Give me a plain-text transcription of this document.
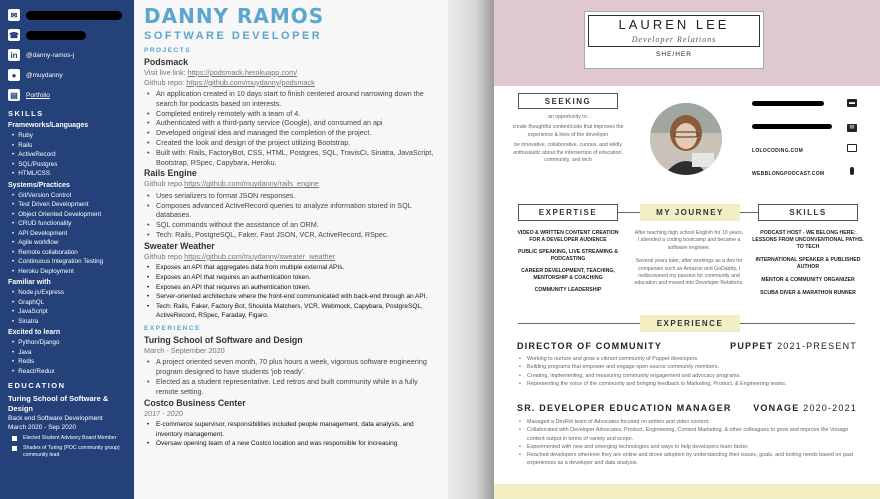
✉
☎
in	@danny-ramos-j
●	@muydanny
▤	Portfolio
SKILLS
Frameworks/Languages
• Ruby
• Rails
• ActiveRecord
• SQL/Postgres
• HTML/CSS
Systems/Practices
• Git/Version Control
• Test Driven Development
• Object Oriented Development
• CRUD functionality
• API Development
• Agile workflow
• Remote collaboration
• Continuous Integration Testing
• Heroku Deployment
Familiar with
• Node.js/Express
• GraphQL
• JavaScript
• Sinatra
Excited to learn
• Python/Django
• Java
• Redis
• React/Redux
EDUCATION
Turing School of Software & Design
Back end Software Development
March 2020 - Sep 2020
Elected Student Advisory Board Member
Shades of Turing (POC community group) community lead
DANNY RAMOS
SOFTWARE DEVELOPER
PROJECTS
Podsmack
Visit live link: https://podsmack.herokuapp.com/
Github repo: https://github.com/muydanny/podsmack
• An application created in 10 days start to finish centered around narrowing down the search for podcasts based on interests.
• Completed entirely remotely with a team of 4.
• Authenticated with a third-party service (Google), and consumed an api
• Developed original idea and managed the completion of the project.
• Created the look and design of the project utilizing Bootstrap.
• Built with: Rails, FactoryBot, CSS, HTML, Postgres, SQL, TravisCI, Sinatra, JavaScript, Bootstrap, RSpec, Capybara, Heroku.
Rails Engine
Github repo https://github.com/muydanny/rails_engine
• Uses serializers to format JSON responses.
• Composes advanced ActiveRecord queries to analyze information stored in SQL databases.
• SQL commands without the assistance of an ORM.
• Tech: Rails, PostgreSQL, Faker, Fast JSON, VCR, ActiveRecord, RSpec.
Sweater Weather
Github repo https://github.com/muydanny/sweater_weather
• Exposes an API that aggregates data from multiple external APIs.
• Exposes an API that requires an authentication token.
• Exposes an API that requires an authentication token.
• Server-oriented architecture where the front-end communicated with back-end through an API.
• Tech: Rails, Faker, Factory Bot, Shoulda Matchers, VCR, Webmock, Capybara, PostgreSQL, ActiveRecord, RSpec, Faraday, Figaro.
EXPERIENCE
Turing School of Software and Design
March - September 2020
• A project oriented seven month, 70 plus hours a week, vigorous software engineering program designed to have students 'job ready'.
• Elected as a student representative. Led retros and built community while in a fully remote setting.
Costco Business Center
2017 - 2020
• E-commerce supervisor, responsibilities included people management, data analysis, and inventory management.
• Oversaw opening team of a new Costco location and was responsible for increasing
LAUREN LEE
Developer Relations
SHE/HER
SEEKING
an opportunity to:
create thoughtful content/code that improves the experience & lives of the developer
be innovative, collaborative, curious, and wildly enthusiastic about the intersection of education, community, and tech
▬
✉
LOLOCODING.COM
WEBBLONGPODCAST.COM
EXPERTISE	MY JOURNEY	SKILLS
VIDEO & WRITTEN CONTENT CREATION FOR A DEVELOPER AUDIENCE
PUBLIC SPEAKING, LIVE STREAMING & PODCASTING
CAREER DEVELOPMENT, TEACHING, MENTORSHIP & COACHING
COMMUNITY LEADERSHIP
After teaching high school English for 10 years, I attended a coding bootcamp and became a software engineer.
Several years later, after workings as a dev for companies such as Amazon and GoDaddy, I rediscovered my passion for community and education and moved into Developer Relations.
PODCAST HOST - WE BELONG HERE: LESSONS FROM UNCONVENTIONAL PATHS. TO TECH
INTERNATIONAL SPEAKER & PUBLISHED AUTHOR
MENTOR & COMMUNITY ORGANIZER
SCUBA DIVER & MARATHON RUNNER
EXPERIENCE
DIRECTOR OF COMMUNITY	PUPPET 2021-PRESENT
• Working to nurture and grow a vibrant community of Puppet developers.
• Building programs that empower and engage open-source community members.
• Creating, implementing, and measuring community engagement and advocacy programs.
• Representing the voice of the community and bringing feedback to Marketing, Product, & Engineering teams.
SR. DEVELOPER EDUCATION MANAGER VONAGE 2020-2021
• Managed a DevRel team of Advocates focused on written and video content.
• Collaborated with Developer Advocates, Product, Engineering, Content Marketing, & other colleagues to grow and improve the Vonage content output in terms of variety and scope.
• Experimented with new and emerging technologies and ways to help developers learn faster.
• Reached developers wherever they are online and drove adoption by understanding their issues, goals, and tooling needs based on past experiences as a developer and data analysis.
